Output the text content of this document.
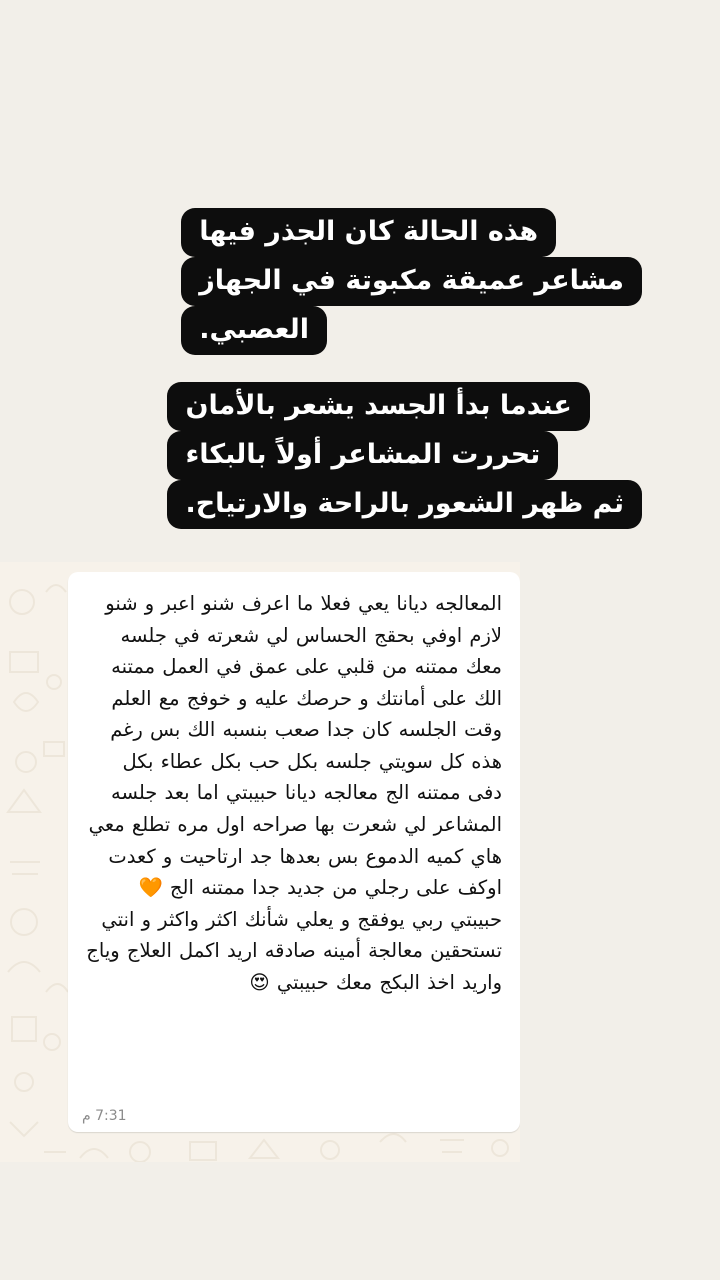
هذه الحالة كان الجذر فيها
مشاعر عميقة مكبوتة في الجهاز
العصبي.
عندما بدأ الجسد يشعر بالأمان
تحررت المشاعر أولاً بالبكاء
ثم ظهر الشعور بالراحة والارتياح.
المعالجه ديانا يعي فعلا ما اعرف شنو اعبر و شنو لازم اوفي بحقج الحساس لي شعرته في جلسه معك ممتنه من قلبي على عمق في العمل ممتنه الك على أمانتك و حرصك عليه و خوفج مع العلم وقت الجلسه كان جدا صعب بنسبه الك بس رغم هذه كل سويتي جلسه بكل حب بكل عطاء بكل دفى ممتنه الج معالجه ديانا حبيبتي اما بعد جلسه المشاعر لي شعرت بها صراحه اول مره تطلع معي هاي كميه الدموع بس بعدها جد ارتاحيت و كعدت اوكف على رجلي من جديد جدا ممتنه الج 🧡 حبيبتي ربي يوفقج و يعلي شأنك اكثر واكثر و انتي تستحقين معالجة أمينه صادقه اريد اكمل العلاج وياج واريد اخذ البكج معك حبيبتي 😍
7:31 م
